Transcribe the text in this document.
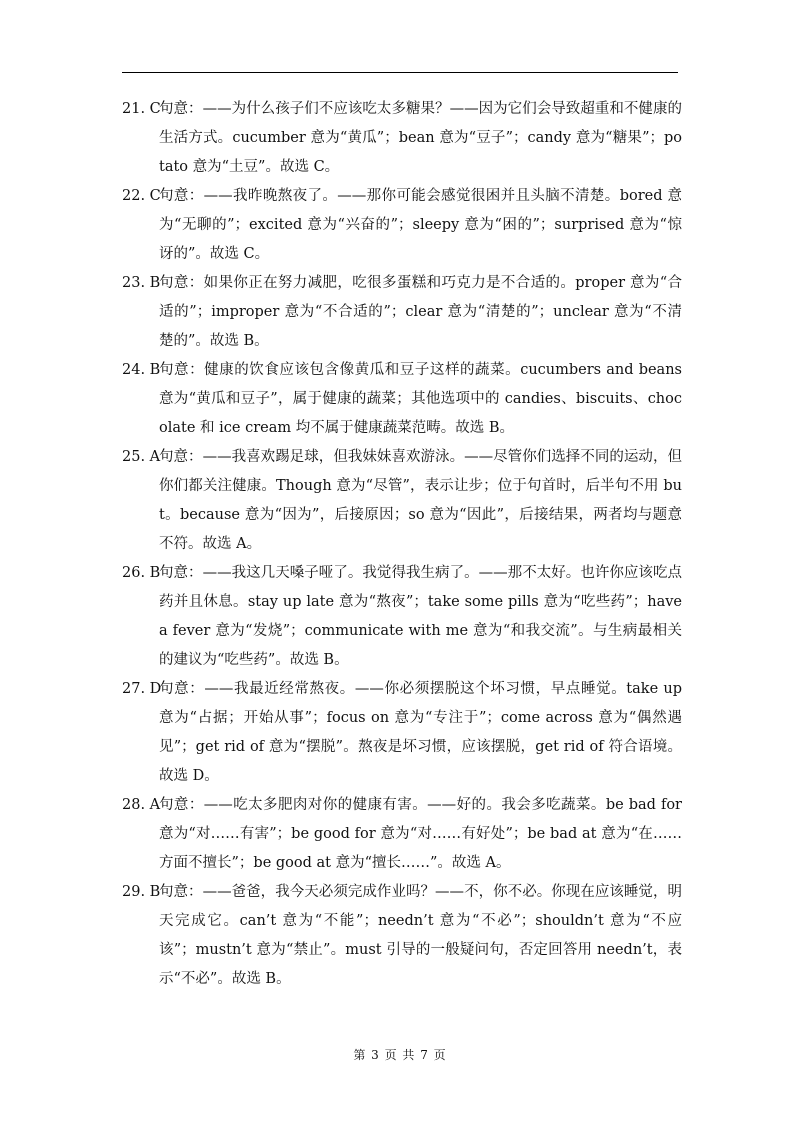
21. C
句意：——为什么孩子们不应该吃太多糖果？——因为它们会导致超重和不健康的生活方式。cucumber 意为“黄瓜”；bean 意为“豆子”；candy 意为“糖果”；potato 意为“土豆”。故选 C。
22. C
句意：——我昨晚熬夜了。——那你可能会感觉很困并且头脑不清楚。bored 意为“无聊的”；excited 意为“兴奋的”；sleepy 意为“困的”；surprised 意为“惊讶的”。故选 C。
23. B
句意：如果你正在努力减肥，吃很多蛋糕和巧克力是不合适的。proper 意为“合适的”；improper 意为“不合适的”；clear 意为“清楚的”；unclear 意为“不清楚的”。故选 B。
24. B
句意：健康的饮食应该包含像黄瓜和豆子这样的蔬菜。cucumbers and beans 意为“黄瓜和豆子”，属于健康的蔬菜；其他选项中的 candies、biscuits、chocolate 和 ice cream 均不属于健康蔬菜范畴。故选 B。
25. A
句意：——我喜欢踢足球，但我妹妹喜欢游泳。——尽管你们选择不同的运动，但你们都关注健康。Though 意为“尽管”，表示让步；位于句首时，后半句不用 but。because 意为“因为”，后接原因；so 意为“因此”，后接结果，两者均与题意不符。故选 A。
26. B
句意：——我这几天嗓子哑了。我觉得我生病了。——那不太好。也许你应该吃点药并且休息。stay up late 意为“熬夜”；take some pills 意为“吃些药”；have a fever 意为“发烧”；communicate with me 意为“和我交流”。与生病最相关的建议为“吃些药”。故选 B。
27. D
句意：——我最近经常熬夜。——你必须摆脱这个坏习惯，早点睡觉。take up 意为“占据；开始从事”；focus on 意为“专注于”；come across 意为“偶然遇见”；get rid of 意为“摆脱”。熬夜是坏习惯，应该摆脱，get rid of 符合语境。故选 D。
28. A
句意：——吃太多肥肉对你的健康有害。——好的。我会多吃蔬菜。be bad for 意为“对……有害”；be good for 意为“对……有好处”；be bad at 意为“在……方面不擅长”；be good at 意为“擅长……”。故选 A。
29. B
句意：——爸爸，我今天必须完成作业吗？——不，你不必。你现在应该睡觉，明天完成它。can’t 意为“不能”；needn’t 意为“不必”；shouldn’t 意为“不应该”；mustn’t 意为“禁止”。must 引导的一般疑问句，否定回答用 needn’t，表示“不必”。故选 B。
第 3 页 共 7 页
